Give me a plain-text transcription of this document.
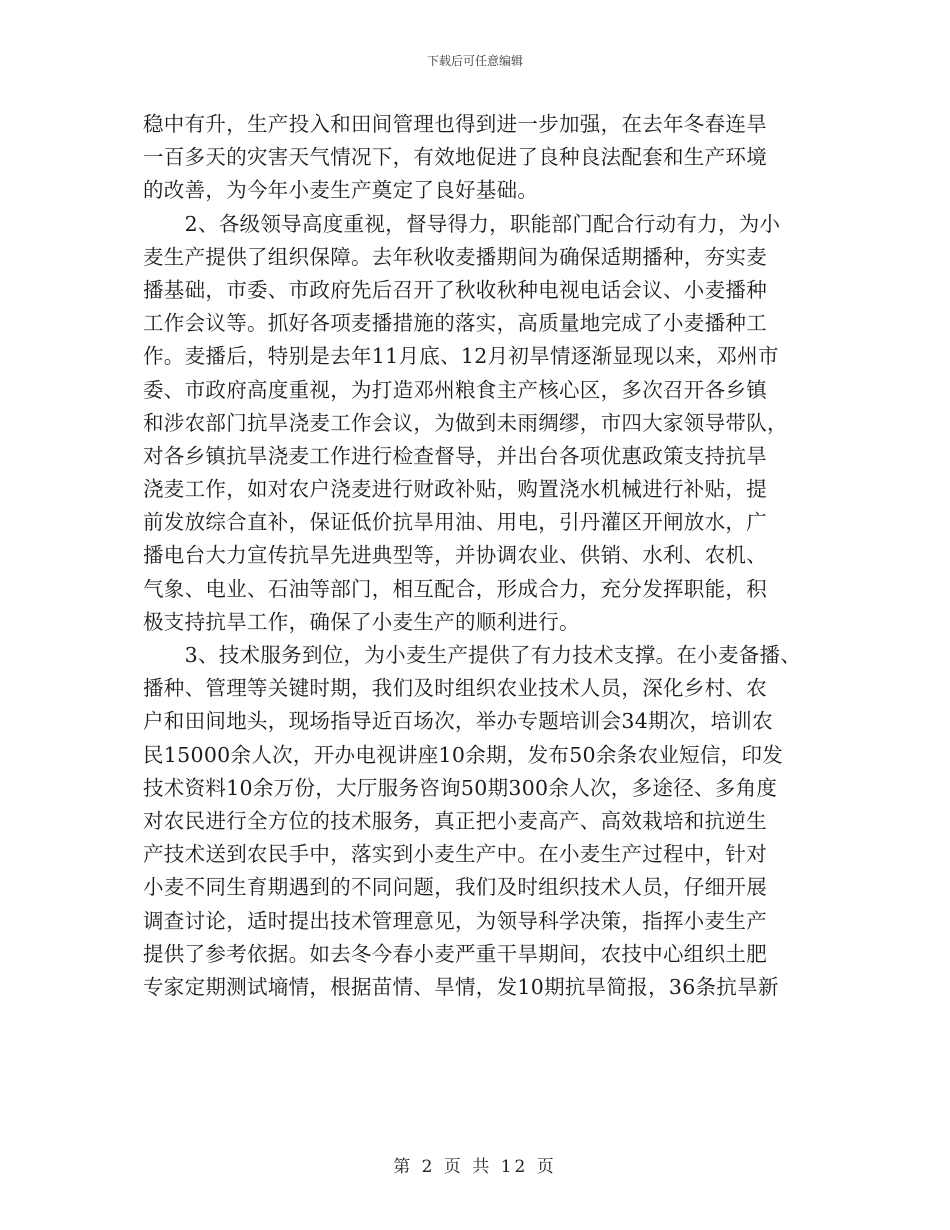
下载后可任意编辑
稳中有升，生产投入和田间管理也得到进一步加强，在去年冬春连旱
一百多天的灾害天气情况下，有效地促进了良种良法配套和生产环境
的改善，为今年小麦生产奠定了良好基础。
　　2、各级领导高度重视，督导得力，职能部门配合行动有力，为小
麦生产提供了组织保障。去年秋收麦播期间为确保适期播种，夯实麦
播基础，市委、市政府先后召开了秋收秋种电视电话会议、小麦播种
工作会议等。抓好各项麦播措施的落实，高质量地完成了小麦播种工
作。麦播后，特别是去年11月底、12月初旱情逐渐显现以来，邓州市
委、市政府高度重视，为打造邓州粮食主产核心区，多次召开各乡镇
和涉农部门抗旱浇麦工作会议，为做到未雨绸缪，市四大家领导带队，
对各乡镇抗旱浇麦工作进行检查督导，并出台各项优惠政策支持抗旱
浇麦工作，如对农户浇麦进行财政补贴，购置浇水机械进行补贴，提
前发放综合直补，保证低价抗旱用油、用电，引丹灌区开闸放水，广
播电台大力宣传抗旱先进典型等，并协调农业、供销、水利、农机、
气象、电业、石油等部门，相互配合，形成合力，充分发挥职能，积
极支持抗旱工作，确保了小麦生产的顺利进行。
　　3、技术服务到位，为小麦生产提供了有力技术支撑。在小麦备播、
播种、管理等关键时期，我们及时组织农业技术人员，深化乡村、农
户和田间地头，现场指导近百场次，举办专题培训会34期次，培训农
民15000余人次，开办电视讲座10余期，发布50余条农业短信，印发
技术资料10余万份，大厅服务咨询50期300余人次，多途径、多角度
对农民进行全方位的技术服务，真正把小麦高产、高效栽培和抗逆生
产技术送到农民手中，落实到小麦生产中。在小麦生产过程中，针对
小麦不同生育期遇到的不同问题，我们及时组织技术人员，仔细开展
调查讨论，适时提出技术管理意见，为领导科学决策，指挥小麦生产
提供了参考依据。如去冬今春小麦严重干旱期间，农技中心组织土肥
专家定期测试墒情，根据苗情、旱情，发10期抗旱简报，36条抗旱新
第 2 页 共 12 页
